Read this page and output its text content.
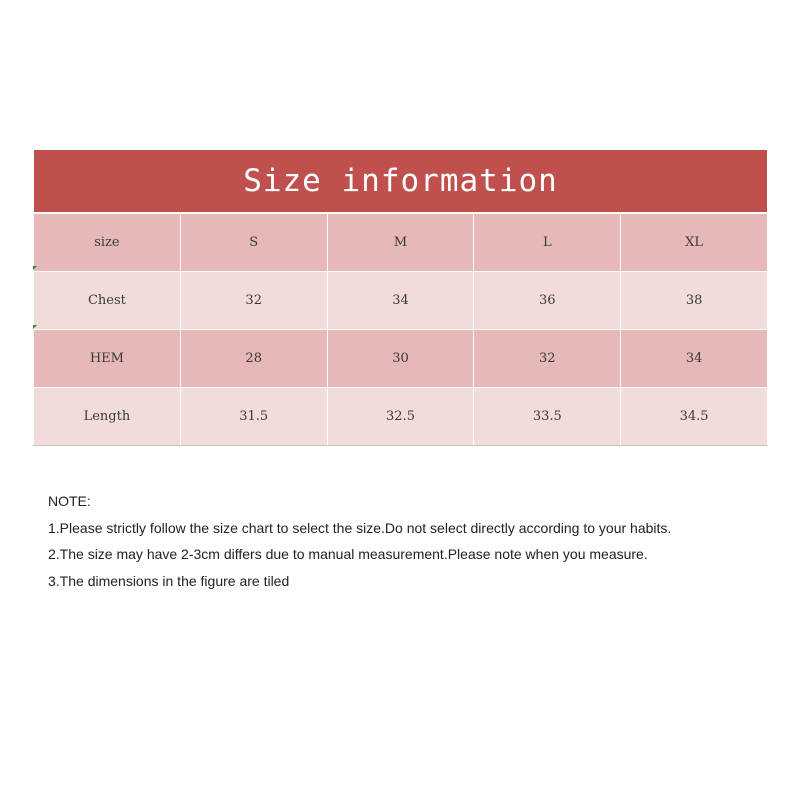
Size information				
size	S	M	L	XL
Chest	32	34	36	38
HEM	28	30	32	34
Length	31.5	32.5	33.5	34.5
NOTE:
1.Please strictly follow the size chart to select the size.Do not select directly according to your habits.
2.The size may have 2-3cm differs due to manual measurement.Please note when you measure.
3.The dimensions in the figure are tiled
